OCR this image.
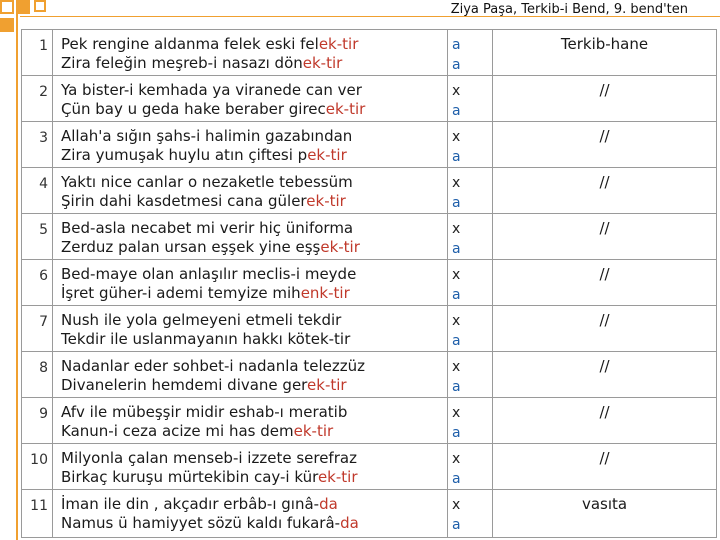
Ziya Paşa, Terkib-i Bend, 9. bend'ten
1	Pek rengine aldanma felek eski felek-tir
Zira feleğin meşreb-i nasazı dönek-tir	a
a	Terkib-hane
2	Ya bister-i kemhada ya viranede can ver
Çün bay u geda hake beraber girecek-tir	x
a	//
3	Allah'a sığın şahs-i halimin gazabından
Zira yumuşak huylu atın çiftesi pek-tir	x
a	//
4	Yaktı nice canlar o nezaketle tebessüm
Şirin dahi kasdetmesi cana gülerek-tir	x
a	//
5	Bed-asla necabet mi verir hiç üniforma
Zerduz palan ursan eşşek yine eşşek-tir	x
a	//
6	Bed-maye olan anlaşılır meclis-i meyde
İşret güher-i ademi temyize mihenk-tir	x
a	//
7	Nush ile yola gelmeyeni etmeli tekdir
Tekdir ile uslanmayanın hakkı kötek-tir	x
a	//
8	Nadanlar eder sohbet-i nadanla telezzüz
Divanelerin hemdemi divane gerek-tir	x
a	//
9	Afv ile mübeşşir midir eshab-ı meratib
Kanun-i ceza acize mi has demek-tir	x
a	//
10	Milyonla çalan menseb-i izzete serefraz
Birkaç kuruşu mürtekibin cay-i kürek-tir	x
a	//
11	İman ile din , akçadır erbâb-ı gınâ-da
Namus ü hamiyyet sözü kaldı fukarâ-da	x
a	vasıta
